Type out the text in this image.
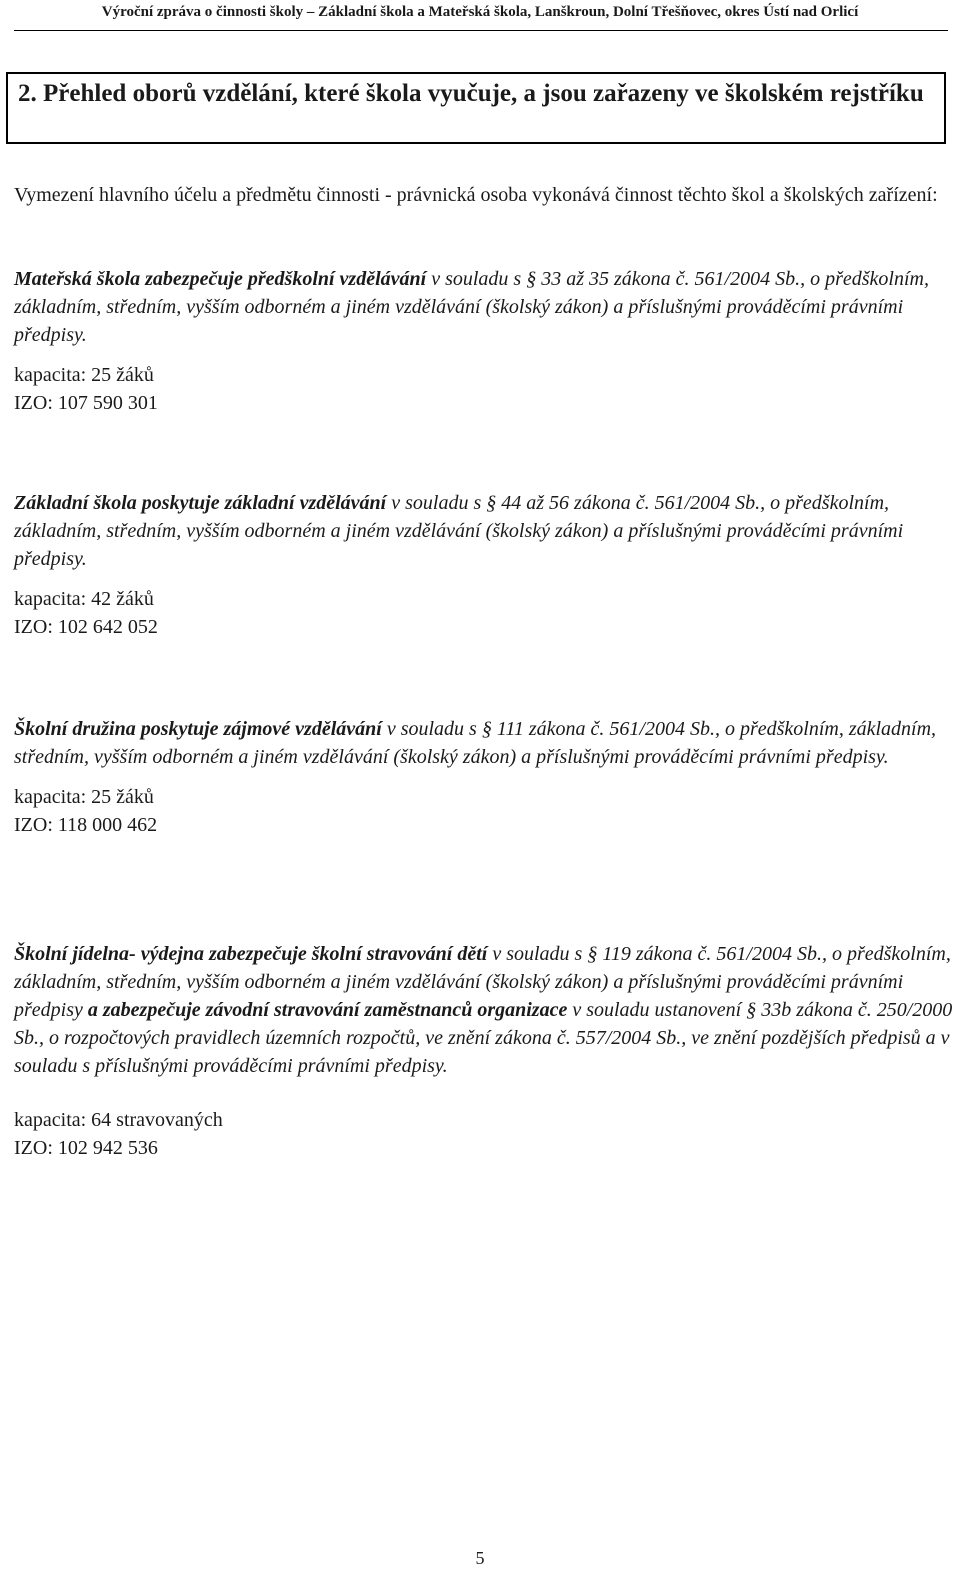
Výroční zpráva o činnosti školy – Základní škola a Mateřská škola, Lanškroun, Dolní Třešňovec, okres Ústí nad Orlicí
2. Přehled oborů vzdělání, které škola vyučuje, a jsou zařazeny ve školském rejstříku
Vymezení hlavního účelu a předmětu činnosti - právnická osoba vykonává činnost těchto škol a školských zařízení:

Mateřská škola zabezpečuje předškolní vzdělávání v souladu s § 33 až 35 zákona č. 561/2004 Sb., o předškolním, základním, středním, vyšším odborném a jiném vzdělávání (školský zákon) a příslušnými prováděcími právními předpisy.

kapacita: 25 žáků

IZO: 107 590 301

Základní škola poskytuje základní vzdělávání v souladu s § 44 až 56 zákona č. 561/2004 Sb., o předškolním, základním, středním, vyšším odborném a jiném vzdělávání (školský zákon) a příslušnými prováděcími právními předpisy.

kapacita: 42 žáků

IZO: 102 642 052

Školní družina poskytuje zájmové vzdělávání v souladu s § 111 zákona č. 561/2004 Sb., o předškolním, základním, středním, vyšším odborném a jiném vzdělávání (školský zákon) a příslušnými prováděcími právními předpisy.

kapacita: 25 žáků

IZO: 118 000 462

Školní jídelna- výdejna zabezpečuje školní stravování dětí v souladu s § 119 zákona č. 561/2004 Sb., o předškolním, základním, středním, vyšším odborném a jiném vzdělávání (školský zákon) a příslušnými prováděcími právními předpisy a zabezpečuje závodní stravování zaměstnanců organizace v souladu ustanovení § 33b zákona č. 250/2000 Sb., o rozpočtových pravidlech územních rozpočtů, ve znění zákona č. 557/2004 Sb., ve znění pozdějších předpisů a v souladu s příslušnými prováděcími právními předpisy.

kapacita: 64 stravovaných

IZO: 102 942 536

5
